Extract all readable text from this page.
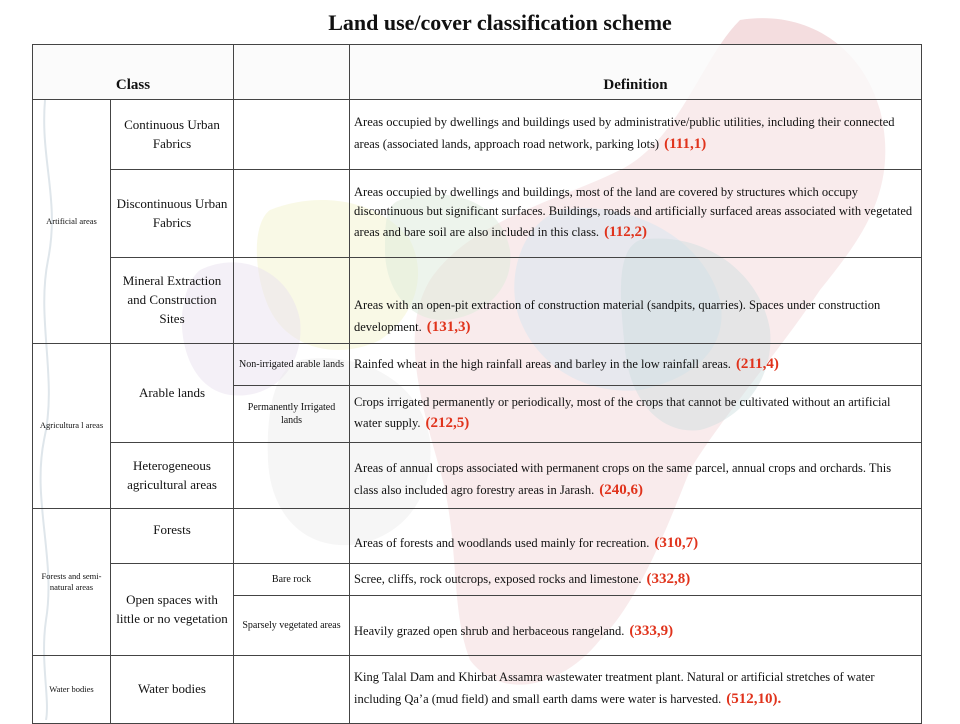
Land use/cover classification scheme
Class			Definition
Artificial areas	Continuous Urban Fabrics		Areas occupied by dwellings and buildings used by administrative/public utilities, including their connected areas (associated lands, approach road network, parking lots) (111,1)
	Discontinuous Urban Fabrics		Areas occupied by dwellings and buildings, most of the land are covered by structures which occupy discontinuous but significant surfaces. Buildings, roads and artificially surfaced areas associated with vegetated areas and bare soil are also included in this class. (112,2)
	Mineral Extraction and Construction Sites		Areas with an open-pit extraction of construction material (sandpits, quarries). Spaces under construction development. (131,3)
Agricultura l areas	Arable lands	Non-irrigated arable lands	Rainfed wheat in the high rainfall areas and barley in the low rainfall areas. (211,4)
		Permanently Irrigated lands	Crops irrigated permanently or periodically, most of the crops that cannot be cultivated without an artificial water supply. (212,5)
	Heterogeneous agricultural areas		Areas of annual crops associated with permanent crops on the same parcel, annual crops and orchards. This class also included agro forestry areas in Jarash. (240,6)
Forests and semi-natural areas	Forests		Areas of forests and woodlands used mainly for recreation. (310,7)
	Open spaces with little or no vegetation	Bare rock	Scree, cliffs, rock outcrops, exposed rocks and limestone. (332,8)
		Sparsely vegetated areas	Heavily grazed open shrub and herbaceous rangeland. (333,9)
Water bodies	Water bodies		King Talal Dam and Khirbat Assamra wastewater treatment plant. Natural or artificial stretches of water including Qa’a (mud field) and small earth dams were water is harvested. (512,10).
